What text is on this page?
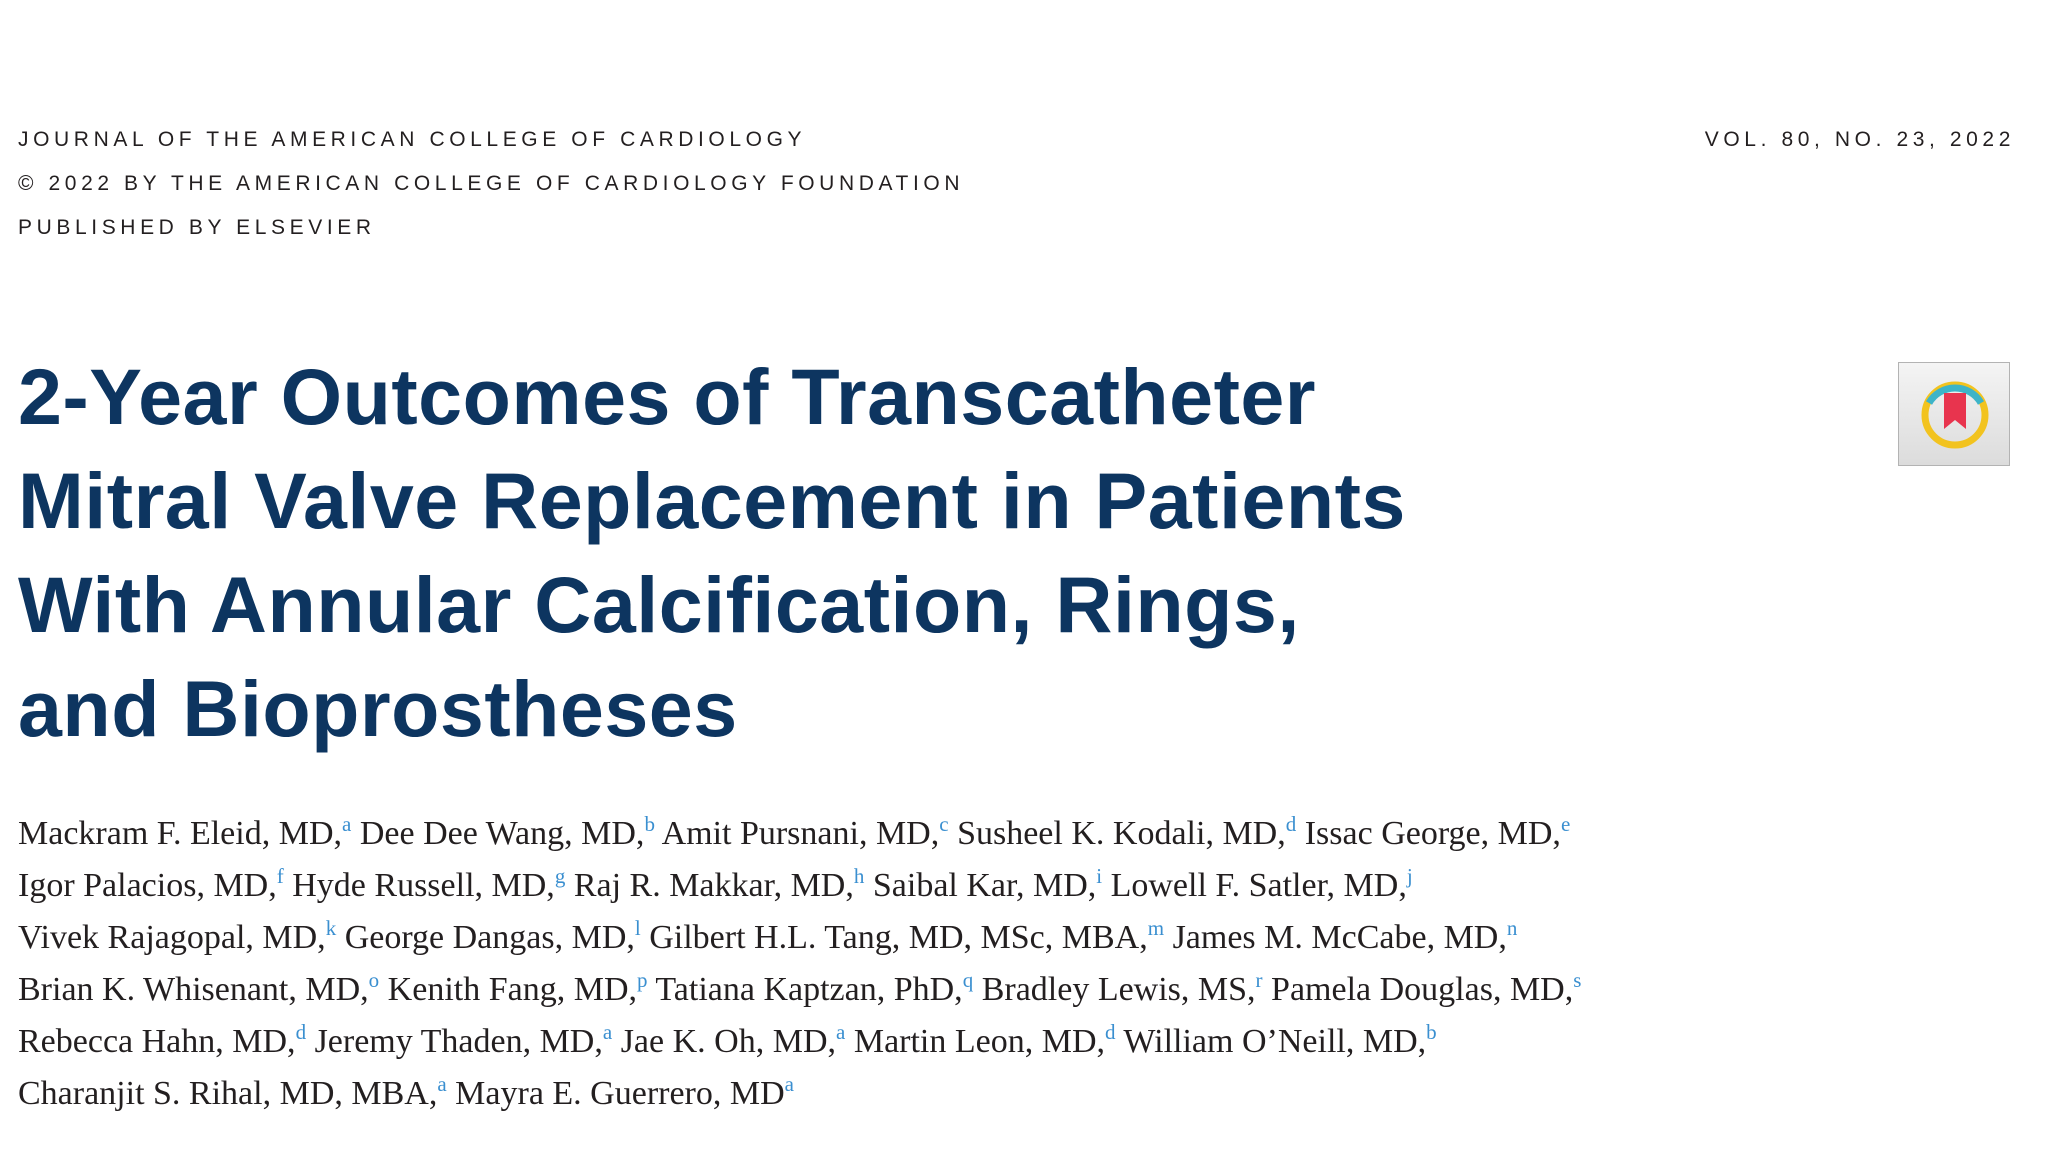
JOURNAL OF THE AMERICAN COLLEGE OF CARDIOLOGY
© 2022 BY THE AMERICAN COLLEGE OF CARDIOLOGY FOUNDATION
PUBLISHED BY ELSEVIER
VOL. 80, NO. 23, 2022
2-Year Outcomes of Transcatheter
Mitral Valve Replacement in Patients
With Annular Calcification, Rings,
and Bioprostheses
Mackram F. Eleid, MD,$^a$ Dee Dee Wang, MD,$^b$ Amit Pursnani, MD,$^c$ Susheel K. Kodali, MD,$^d$ Issac George, MD,$^e$
Igor Palacios, MD,$^f$ Hyde Russell, MD,$^g$ Raj R. Makkar, MD,$^h$ Saibal Kar, MD,$^i$ Lowell F. Satler, MD,$^j$
Vivek Rajagopal, MD,$^k$ George Dangas, MD,$^l$ Gilbert H.L. Tang, MD, MSc, MBA,$^m$ James M. McCabe, MD,$^n$
Brian K. Whisenant, MD,$^o$ Kenith Fang, MD,$^p$ Tatiana Kaptzan, PhD,$^q$ Bradley Lewis, MS,$^r$ Pamela Douglas, MD,$^s$
Rebecca Hahn, MD,$^d$ Jeremy Thaden, MD,$^a$ Jae K. Oh, MD,$^a$ Martin Leon, MD,$^d$ William O’Neill, MD,$^b$
Charanjit S. Rihal, MD, MBA,$^a$ Mayra E. Guerrero, MD$^a$
